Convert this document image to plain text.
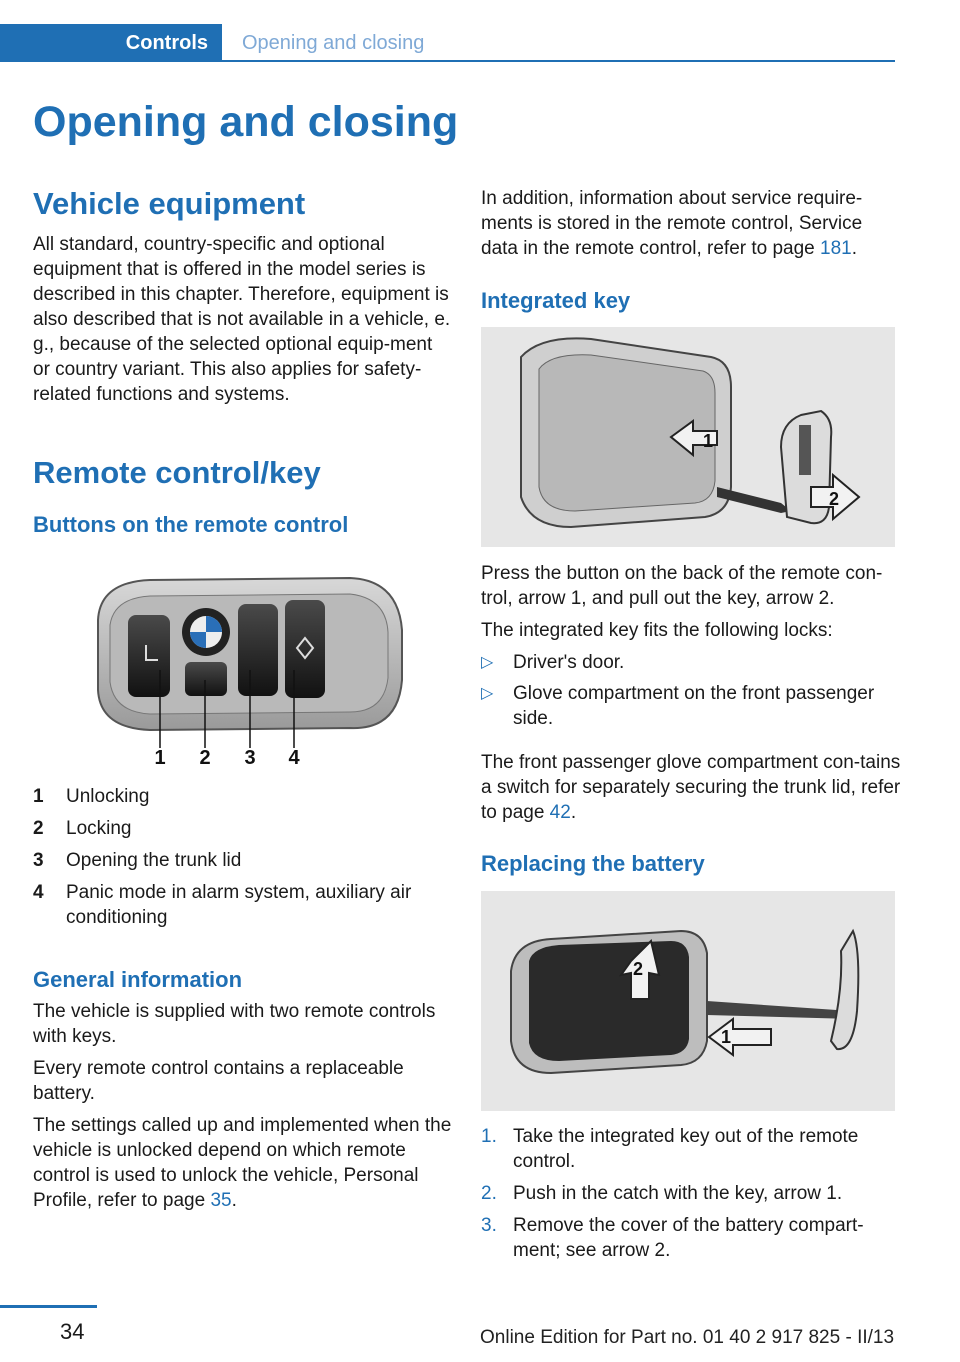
Controls Opening and closing
Opening and closing
Vehicle equipment

All standard, country-specific and optional equipment that is offered in the model series is described in this chapter. Therefore, equipment is also described that is not available in a vehicle, e. g., because of the selected optional equip-ment or country variant. This also applies for safety-related functions and systems.

Remote control/key
Buttons on the remote control
1 2 3 4
1 Unlocking
2 Locking
3 Opening the trunk lid
4 Panic mode in alarm system, auxiliary air conditioning
General information

The vehicle is supplied with two remote controls with keys.

Every remote control contains a replaceable battery.

The settings called up and implemented when the vehicle is unlocked depend on which remote control is used to unlock the vehicle, Personal Profile, refer to page 35.

In addition, information about service require-ments is stored in the remote control, Service data in the remote control, refer to page 181.

Integrated key
1
2

Press the button on the back of the remote con-trol, arrow 1, and pull out the key, arrow 2.

The integrated key fits the following locks:

▷ Driver's door.
▷ Glove compartment on the front passenger side.

The front passenger glove compartment con-tains a switch for separately securing the trunk lid, refer to page 42.

Replacing the battery
2
1
1. Take the integrated key out of the remote control.
2. Push in the catch with the key, arrow 1.
3. Remove the cover of the battery compart-ment; see arrow 2.
34	Online Edition for Part no. 01 40 2 917 825 - II/13
